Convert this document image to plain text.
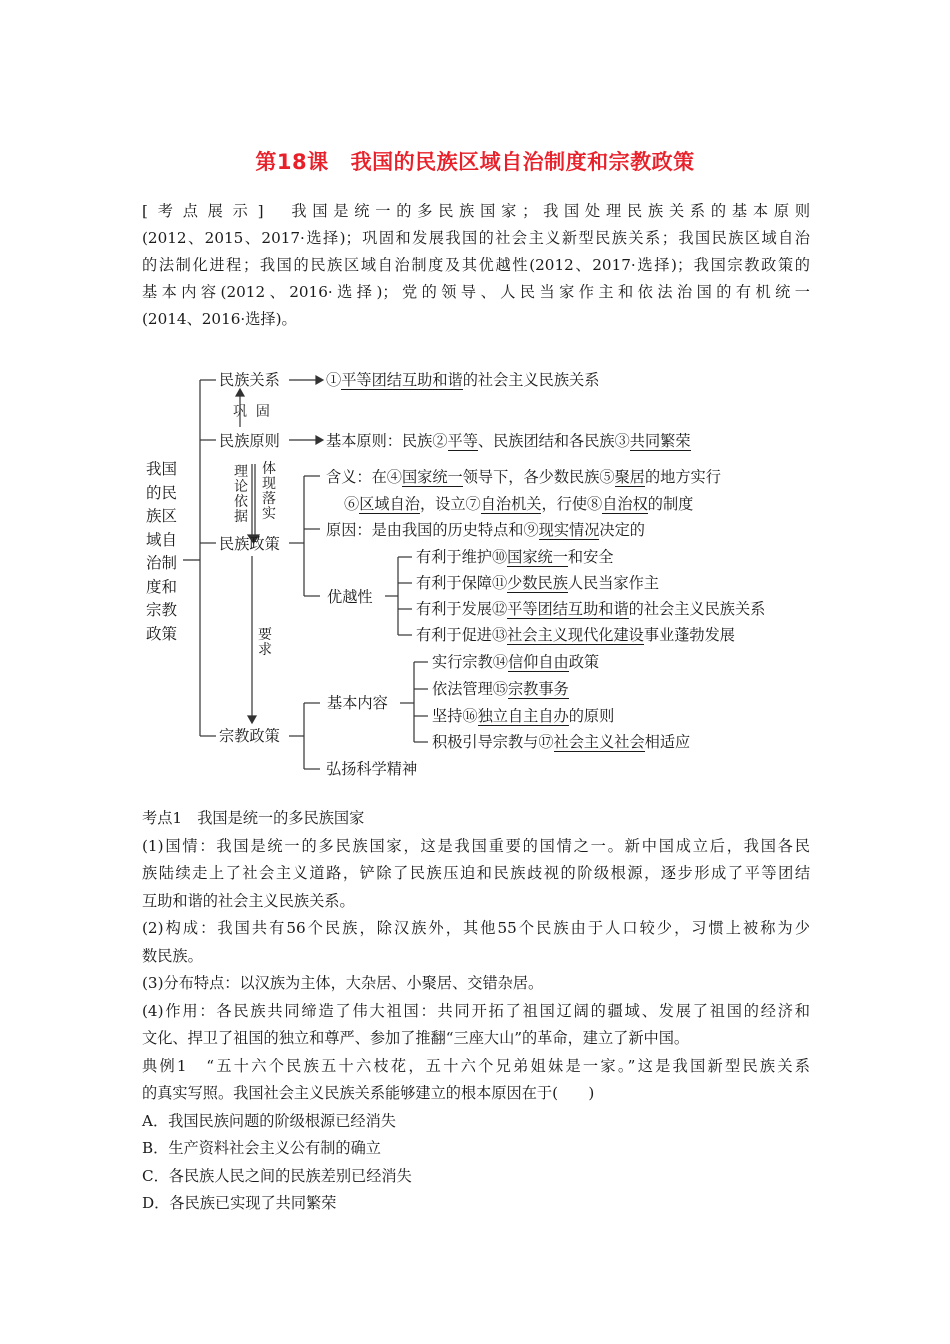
第18课 我国的民族区域自治制度和宗教政策
[考点展示] 我国是统一的多民族国家；我国处理民族关系的基本原则
(2012、2015、2017·选择)；巩固和发展我国的社会主义新型民族关系；我国民族区域自治
的法制化进程；我国的民族区域自治制度及其优越性(2012、2017·选择)；我国宗教政策的
基本内容(2012、2016·选择)；党的领导、人民当家作主和依法治国的有机统一
(2014、2016·选择)。
我国
的民
族区
域自
治制
度和
宗教
政策
民族关系	①平等团结互助和谐的社会主义民族关系
巩 固
民族原则	基本原则：民族②平等、民族团结和各民族③共同繁荣
理
论
依
据
体
现
落
实
含义：在④国家统一领导下，各少数民族⑤聚居的地方实行
⑥区域自治，设立⑦自治机关，行使⑧自治权的制度
原因：是由我国的历史特点和⑨现实情况决定的
民族政策
优越性
有利于维护⑩国家统一和安全
有利于保障⑪少数民族人民当家作主
有利于发展⑫平等团结互助和谐的社会主义民族关系
有利于促进⑬社会主义现代化建设事业蓬勃发展
要
求
实行宗教⑭信仰自由政策
基本内容
依法管理⑮宗教事务
坚持⑯独立自主自办的原则
积极引导宗教与⑰社会主义社会相适应
宗教政策
弘扬科学精神
考点1　我国是统一的多民族国家
(1)国情：我国是统一的多民族国家，这是我国重要的国情之一。新中国成立后，我国各民
族陆续走上了社会主义道路，铲除了民族压迫和民族歧视的阶级根源，逐步形成了平等团结
互助和谐的社会主义民族关系。
(2)构成：我国共有56个民族，除汉族外，其他55个民族由于人口较少，习惯上被称为少
数民族。
(3)分布特点：以汉族为主体，大杂居、小聚居、交错杂居。
(4)作用：各民族共同缔造了伟大祖国：共同开拓了祖国辽阔的疆域、发展了祖国的经济和
文化、捍卫了祖国的独立和尊严、参加了推翻“三座大山”的革命，建立了新中国。
典例1　“五十六个民族五十六枝花，五十六个兄弟姐妹是一家。”这是我国新型民族关系
的真实写照。我国社会主义民族关系能够建立的根本原因在于(　　)
A．我国民族问题的阶级根源已经消失
B．生产资料社会主义公有制的确立
C．各民族人民之间的民族差别已经消失
D．各民族已实现了共同繁荣
